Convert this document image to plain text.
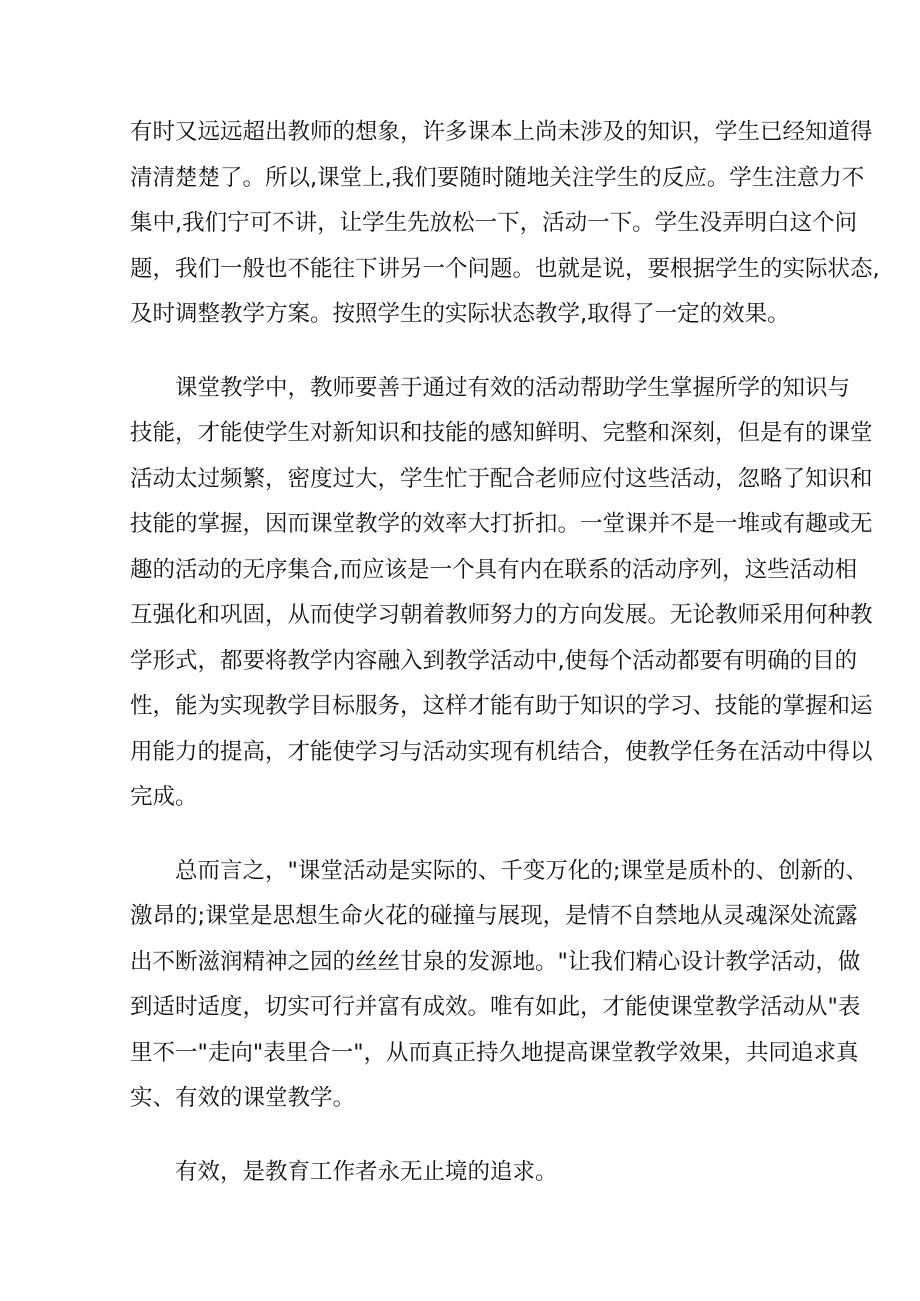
有时又远远超出教师的想象，许多课本上尚未涉及的知识，学生已经知道得
清清楚楚了。所以,课堂上,我们要随时随地关注学生的反应。学生注意力不
集中,我们宁可不讲，让学生先放松一下，活动一下。学生没弄明白这个问
题，我们一般也不能往下讲另一个问题。也就是说，要根据学生的实际状态,
及时调整教学方案。按照学生的实际状态教学,取得了一定的效果。

课堂教学中，教师要善于通过有效的活动帮助学生掌握所学的知识与
技能，才能使学生对新知识和技能的感知鲜明、完整和深刻，但是有的课堂
活动太过频繁，密度过大，学生忙于配合老师应付这些活动，忽略了知识和
技能的掌握，因而课堂教学的效率大打折扣。一堂课并不是一堆或有趣或无
趣的活动的无序集合,而应该是一个具有内在联系的活动序列，这些活动相
互强化和巩固，从而使学习朝着教师努力的方向发展。无论教师采用何种教
学形式，都要将教学内容融入到教学活动中,使每个活动都要有明确的目的
性，能为实现教学目标服务，这样才能有助于知识的学习、技能的掌握和运
用能力的提高，才能使学习与活动实现有机结合，使教学任务在活动中得以
完成。

总而言之，"课堂活动是实际的、千变万化的;课堂是质朴的、创新的、
激昂的;课堂是思想生命火花的碰撞与展现，是情不自禁地从灵魂深处流露
出不断滋润精神之园的丝丝甘泉的发源地。"让我们精心设计教学活动，做
到适时适度，切实可行并富有成效。唯有如此，才能使课堂教学活动从"表
里不一"走向"表里合一"，从而真正持久地提高课堂教学效果，共同追求真
实、有效的课堂教学。

有效，是教育工作者永无止境的追求。
